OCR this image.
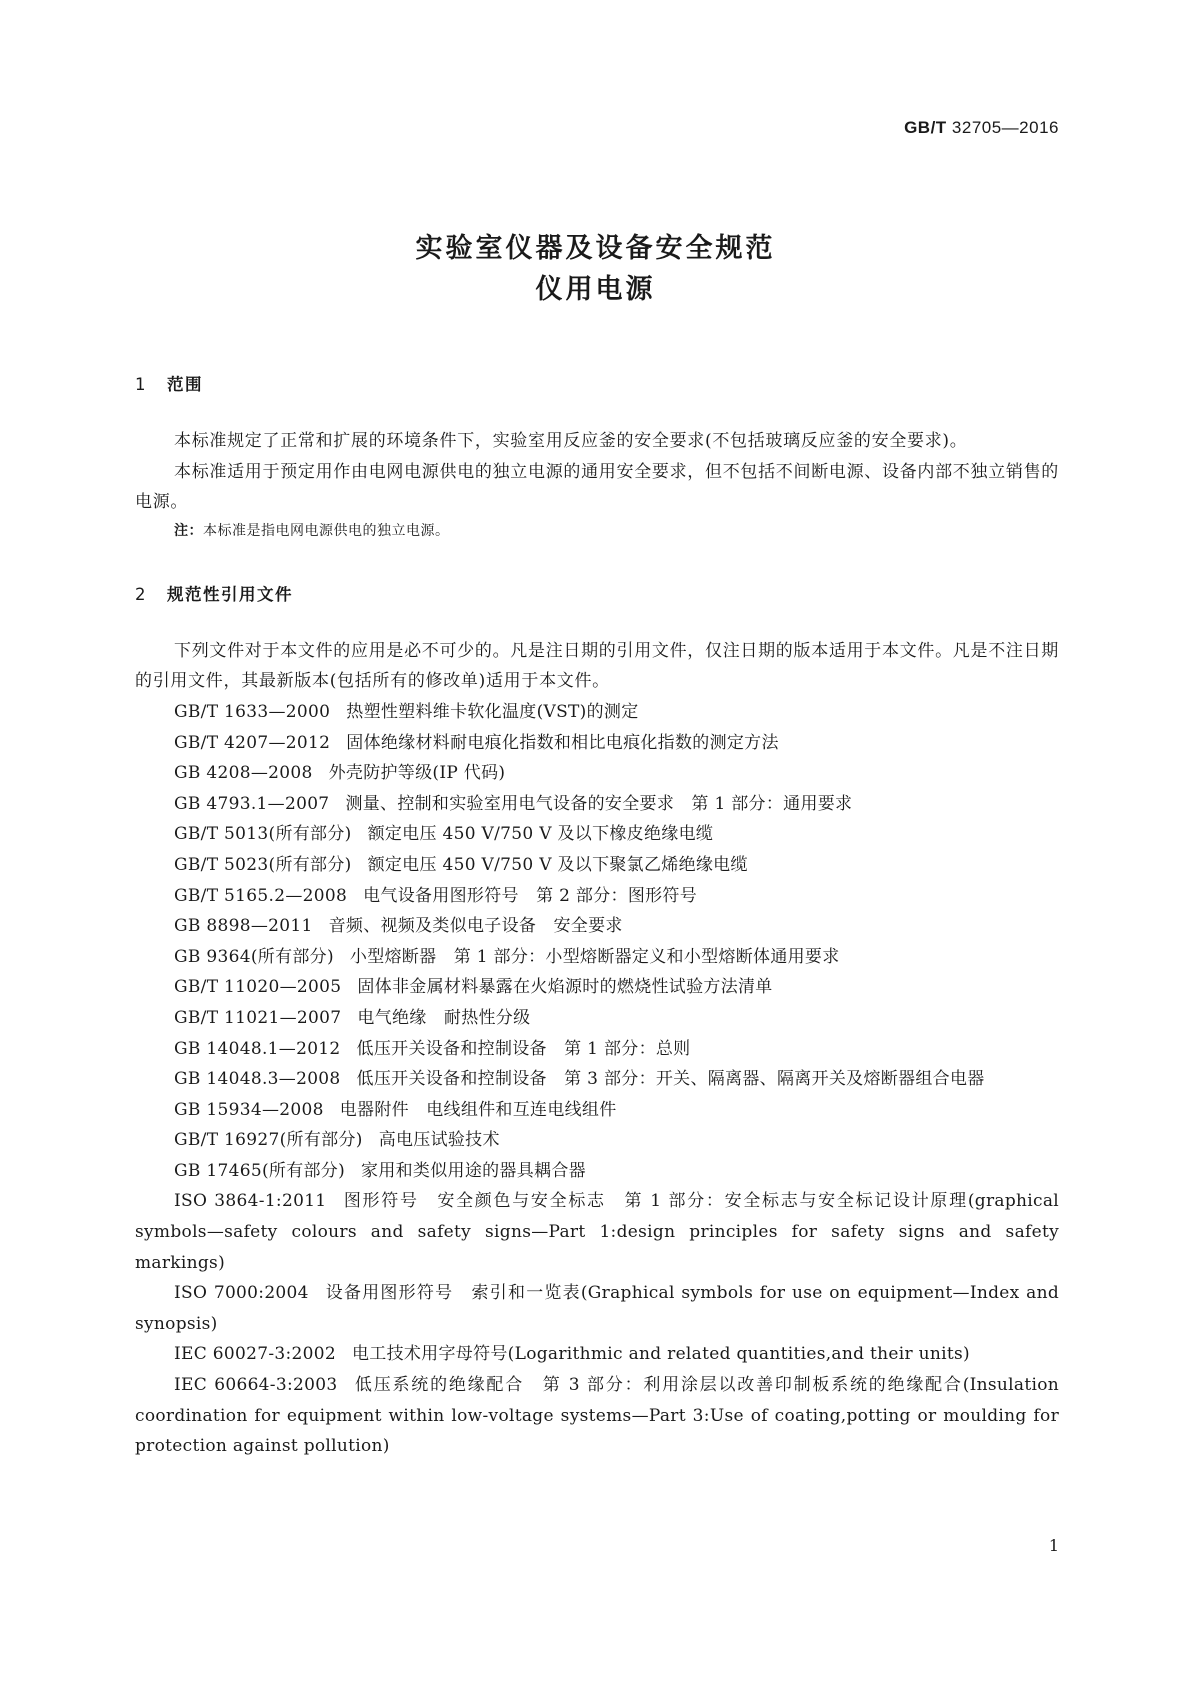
GB/T 32705—2016
实验室仪器及设备安全规范
仪用电源
1 范围

本标准规定了正常和扩展的环境条件下，实验室用反应釜的安全要求(不包括玻璃反应釜的安全要求)。

本标准适用于预定用作由电网电源供电的独立电源的通用安全要求，但不包括不间断电源、设备内部不独立销售的电源。

注：本标准是指电网电源供电的独立电源。

2 规范性引用文件

下列文件对于本文件的应用是必不可少的。凡是注日期的引用文件，仅注日期的版本适用于本文件。凡是不注日期的引用文件，其最新版本(包括所有的修改单)适用于本文件。

GB/T 1633—2000 热塑性塑料维卡软化温度(VST)的测定

GB/T 4207—2012 固体绝缘材料耐电痕化指数和相比电痕化指数的测定方法

GB 4208—2008 外壳防护等级(IP 代码)

GB 4793.1—2007 测量、控制和实验室用电气设备的安全要求　第 1 部分：通用要求

GB/T 5013(所有部分) 额定电压 450 V/750 V 及以下橡皮绝缘电缆

GB/T 5023(所有部分) 额定电压 450 V/750 V 及以下聚氯乙烯绝缘电缆

GB/T 5165.2—2008 电气设备用图形符号　第 2 部分：图形符号

GB 8898—2011 音频、视频及类似电子设备　安全要求

GB 9364(所有部分) 小型熔断器　第 1 部分：小型熔断器定义和小型熔断体通用要求

GB/T 11020—2005 固体非金属材料暴露在火焰源时的燃烧性试验方法清单

GB/T 11021—2007 电气绝缘　耐热性分级

GB 14048.1—2012 低压开关设备和控制设备　第 1 部分：总则

GB 14048.3—2008 低压开关设备和控制设备　第 3 部分：开关、隔离器、隔离开关及熔断器组合电器

GB 15934—2008 电器附件　电线组件和互连电线组件

GB/T 16927(所有部分) 高电压试验技术

GB 17465(所有部分) 家用和类似用途的器具耦合器

ISO 3864-1:2011 图形符号　安全颜色与安全标志　第 1 部分：安全标志与安全标记设计原理(graphical symbols—safety colours and safety signs—Part 1:design principles for safety signs and safety markings)

ISO 7000:2004 设备用图形符号　索引和一览表(Graphical symbols for use on equipment—Index and synopsis)

IEC 60027-3:2002 电工技术用字母符号(Logarithmic and related quantities,and their units)

IEC 60664-3:2003 低压系统的绝缘配合　第 3 部分：利用涂层以改善印制板系统的绝缘配合(Insulation coordination for equipment within low-voltage systems—Part 3:Use of coating,potting or moulding for protection against pollution)

1
